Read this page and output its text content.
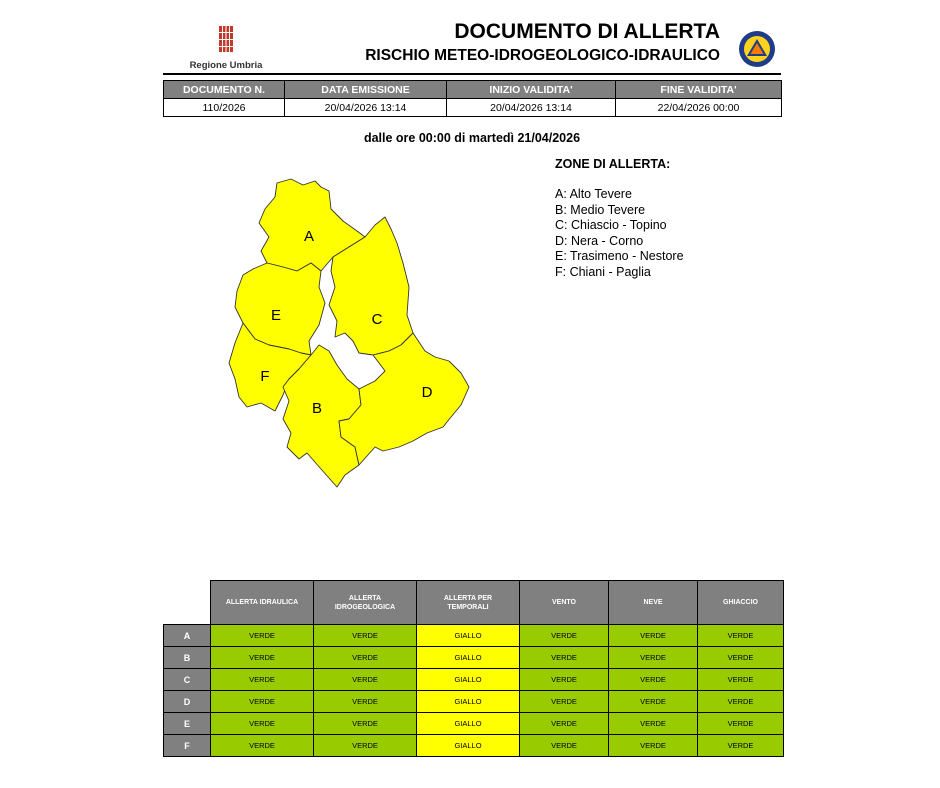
Regione Umbria
DOCUMENTO DI ALLERTA
RISCHIO METEO-IDROGEOLOGICO-IDRAULICO
DOCUMENTO N.	DATA EMISSIONE	INIZIO VALIDITA'	FINE VALIDITA'
110/2026	20/04/2026 13:14	20/04/2026 13:14	22/04/2026 00:00
dalle ore 00:00 di martedì 21/04/2026
ZONE DI ALLERTA:
A: Alto Tevere
B: Medio Tevere
C: Chiascio - Topino
D: Nera - Corno
E: Trasimeno - Nestore
F: Chiani - Paglia
A
B
C
D
E
F
	ALLERTA IDRAULICA	ALLERTA IDROGEOLOGICA	ALLERTA PER TEMPORALI	VENTO	NEVE	GHIACCIO
A	VERDE	VERDE	GIALLO	VERDE	VERDE	VERDE
B	VERDE	VERDE	GIALLO	VERDE	VERDE	VERDE
C	VERDE	VERDE	GIALLO	VERDE	VERDE	VERDE
D	VERDE	VERDE	GIALLO	VERDE	VERDE	VERDE
E	VERDE	VERDE	GIALLO	VERDE	VERDE	VERDE
F	VERDE	VERDE	GIALLO	VERDE	VERDE	VERDE
